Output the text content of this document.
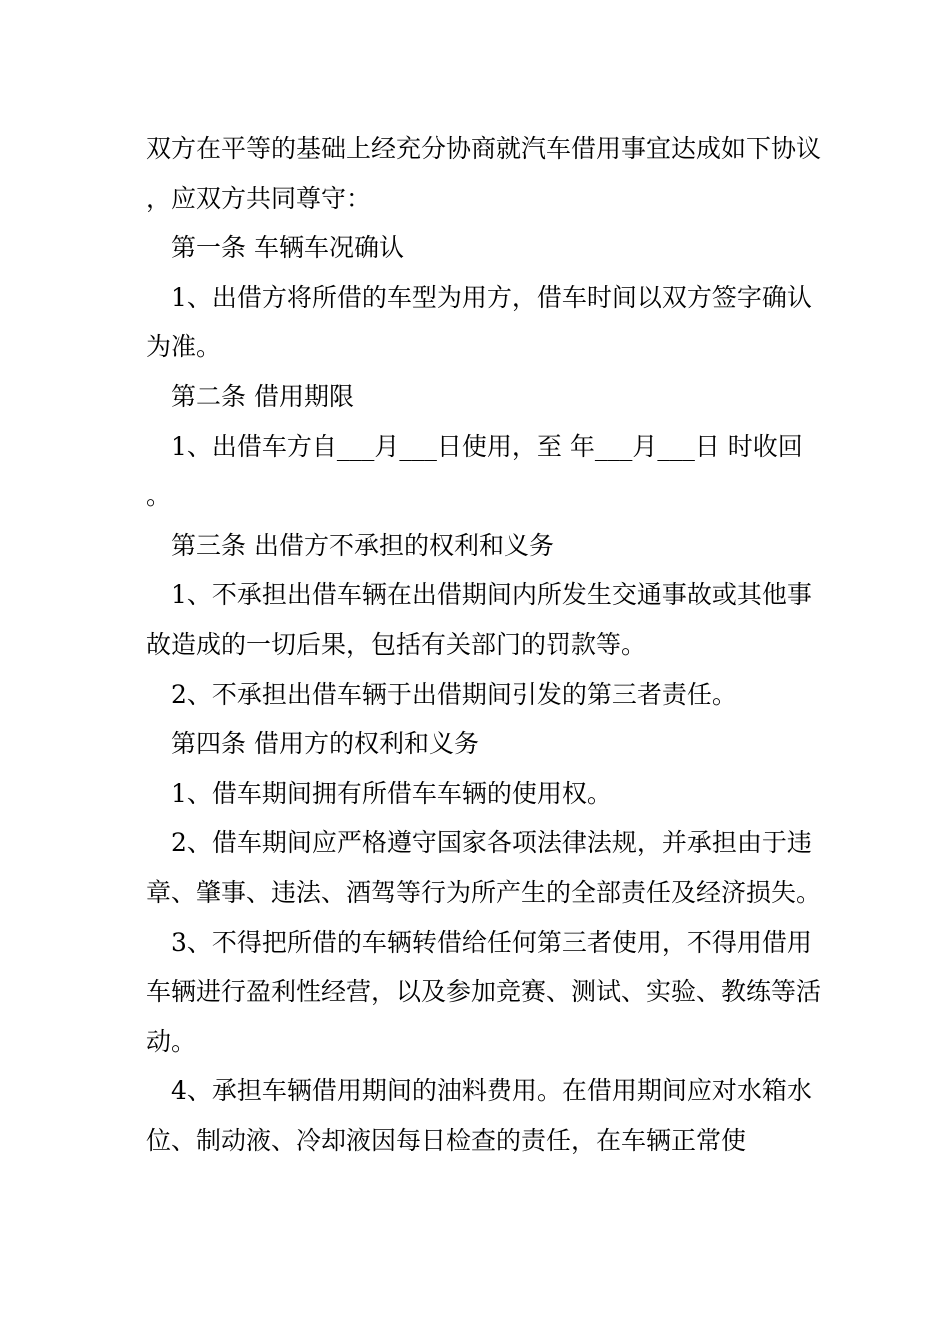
双方在平等的基础上经充分协商就汽车借用事宜达成如下协议，应双方共同尊守：

第一条 车辆车况确认

1、出借方将所借的车型为用方，借车时间以双方签字确认为准。

第二条 借用期限

1、出借车方自___月___日使用，至 年___月___日 时收回。

第三条 出借方不承担的权利和义务

1、不承担出借车辆在出借期间内所发生交通事故或其他事故造成的一切后果，包括有关部门的罚款等。

2、不承担出借车辆于出借期间引发的第三者责任。

第四条 借用方的权利和义务

1、借车期间拥有所借车车辆的使用权。

2、借车期间应严格遵守国家各项法律法规，并承担由于违章、肇事、违法、酒驾等行为所产生的全部责任及经济损失。

3、不得把所借的车辆转借给任何第三者使用，不得用借用车辆进行盈利性经营，以及参加竞赛、测试、实验、教练等活动。

4、承担车辆借用期间的油料费用。在借用期间应对水箱水位、制动液、冷却液因每日检查的责任，在车辆正常使
